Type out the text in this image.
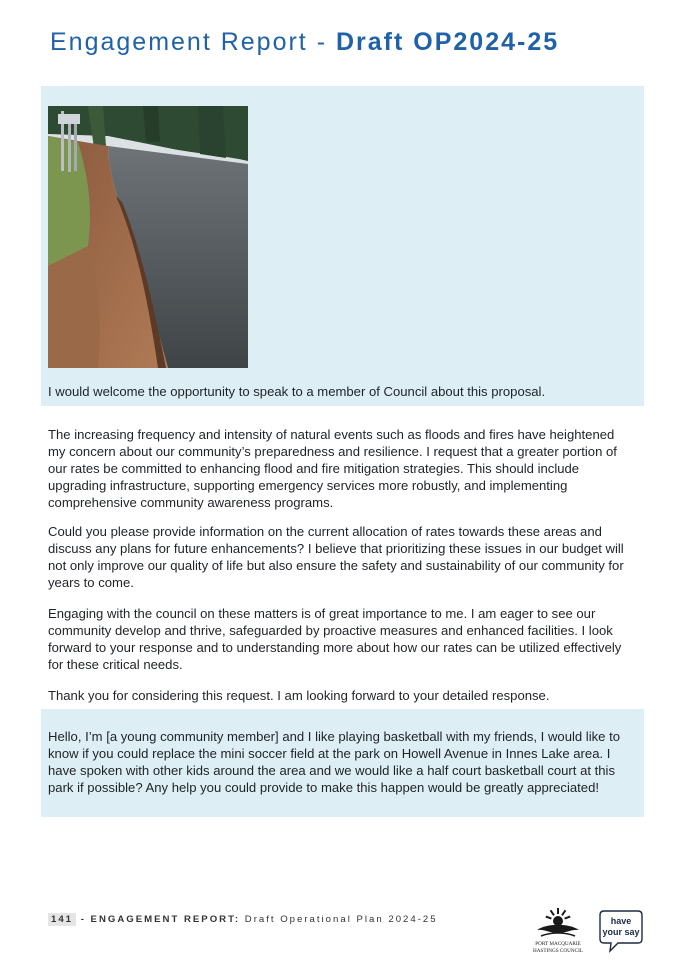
Engagement Report - Draft OP2024-25

I would welcome the opportunity to speak to a member of Council about this proposal.

The increasing frequency and intensity of natural events such as floods and fires have heightened my concern about our community’s preparedness and resilience. I request that a greater portion of our rates be committed to enhancing flood and fire mitigation strategies. This should include upgrading infrastructure, supporting emergency services more robustly, and implementing comprehensive community awareness programs.

Could you please provide information on the current allocation of rates towards these areas and discuss any plans for future enhancements? I believe that prioritizing these issues in our budget will not only improve our quality of life but also ensure the safety and sustainability of our community for years to come.

Engaging with the council on these matters is of great importance to me. I am eager to see our community develop and thrive, safeguarded by proactive measures and enhanced facilities. I look forward to your response and to understanding more about how our rates can be utilized effectively for these critical needs.

Thank you for considering this request. I am looking forward to your detailed response.

Hello, I’m [a young community member] and I like playing basketball with my friends, I would like to know if you could replace the mini soccer field at the park on Howell Avenue in Innes Lake area. I have spoken with other kids around the area and we would like a half court basketball court at this park if possible? Any help you could provide to make this happen would be greatly appreciated!

141 - ENGAGEMENT REPORT: Draft Operational Plan 2024-25
PORT MACQUARIE
HASTINGS COUNCIL
have
your say
